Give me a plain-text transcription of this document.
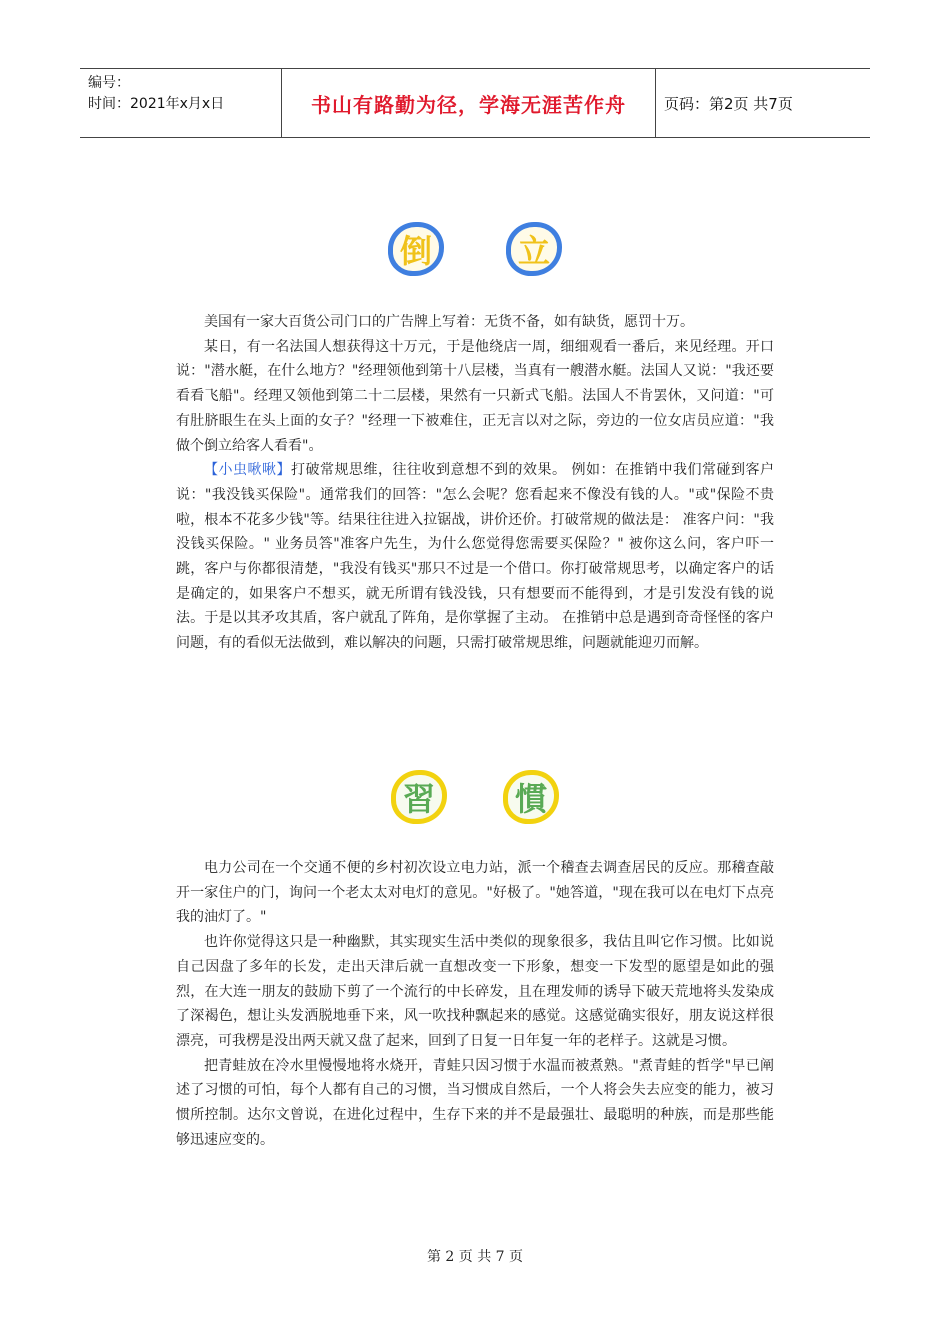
编号：
时间：2021年x月x日	书山有路勤为径，学海无涯苦作舟	页码：第2页 共7页
倒	立

美国有一家大百货公司门口的广告牌上写着：无货不备，如有缺货，愿罚十万。

某日，有一名法国人想获得这十万元，于是他绕店一周，细细观看一番后，来见经理。开口说："潜水艇，在什么地方？"经理领他到第十八层楼，当真有一艘潜水艇。法国人又说："我还要看看飞船"。经理又领他到第二十二层楼，果然有一只新式飞船。法国人不肯罢休，又问道："可有肚脐眼生在头上面的女子？"经理一下被难住，正无言以对之际，旁边的一位女店员应道："我做个倒立给客人看看"。

【小虫啾啾】打破常规思维，往往收到意想不到的效果。 例如：在推销中我们常碰到客户说："我没钱买保险"。通常我们的回答："怎么会呢？您看起来不像没有钱的人。"或"保险不贵啦，根本不花多少钱"等。结果往往进入拉锯战，讲价还价。打破常规的做法是： 准客户问："我没钱买保险。" 业务员答"准客户先生，为什么您觉得您需要买保险？" 被你这么问，客户吓一跳，客户与你都很清楚，"我没有钱买"那只不过是一个借口。你打破常规思考，以确定客户的话是确定的，如果客户不想买，就无所谓有钱没钱，只有想要而不能得到，才是引发没有钱的说法。于是以其矛攻其盾，客户就乱了阵角，是你掌握了主动。 在推销中总是遇到奇奇怪怪的客户问题，有的看似无法做到，难以解决的问题，只需打破常规思维，问题就能迎刃而解。

習	慣

电力公司在一个交通不便的乡村初次设立电力站，派一个稽查去调查居民的反应。那稽查敲开一家住户的门，询问一个老太太对电灯的意见。"好极了。"她答道，"现在我可以在电灯下点亮我的油灯了。"

也许你觉得这只是一种幽默，其实现实生活中类似的现象很多，我估且叫它作习惯。比如说自己因盘了多年的长发，走出天津后就一直想改变一下形象，想变一下发型的愿望是如此的强烈，在大连一朋友的鼓励下剪了一个流行的中长碎发，且在理发师的诱导下破天荒地将头发染成了深褐色，想让头发洒脱地垂下来，风一吹找种飘起来的感觉。这感觉确实很好，朋友说这样很漂亮，可我楞是没出两天就又盘了起来，回到了日复一日年复一年的老样子。这就是习惯。

把青蛙放在冷水里慢慢地将水烧开，青蛙只因习惯于水温而被煮熟。"煮青蛙的哲学"早已阐述了习惯的可怕，每个人都有自己的习惯，当习惯成自然后，一个人将会失去应变的能力，被习惯所控制。达尔文曾说，在进化过程中，生存下来的并不是最强壮、最聪明的种族，而是那些能够迅速应变的。

第 2 页 共 7 页
